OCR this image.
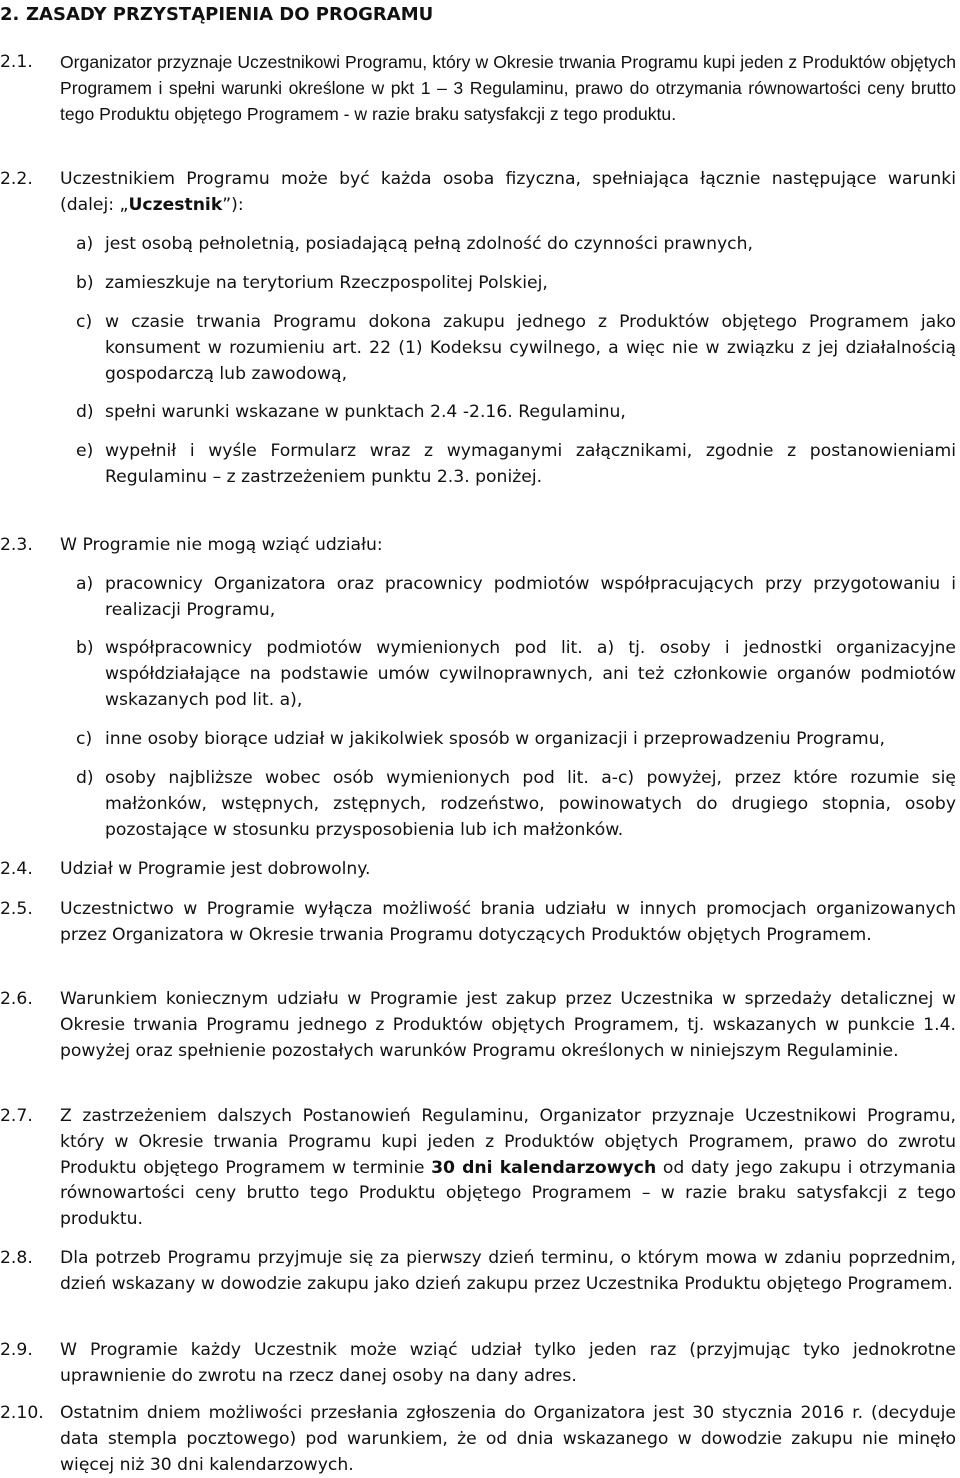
2. ZASADY PRZYSTĄPIENIA DO PROGRAMU
2.1. Organizator przyznaje Uczestnikowi Programu, który w Okresie trwania Programu kupi jeden z Produktów objętych Programem i spełni warunki określone w pkt 1 – 3 Regulaminu, prawo do otrzymania równowartości ceny brutto tego Produktu objętego Programem - w razie braku satysfakcji z tego produktu.
2.2. Uczestnikiem Programu może być każda osoba fizyczna, spełniająca łącznie następujące warunki (dalej: „Uczestnik”):
a) jest osobą pełnoletnią, posiadającą pełną zdolność do czynności prawnych,
b) zamieszkuje na terytorium Rzeczpospolitej Polskiej,
c) w czasie trwania Programu dokona zakupu jednego z Produktów objętego Programem jako konsument w rozumieniu art. 22 (1) Kodeksu cywilnego, a więc nie w związku z jej działalnością gospodarczą lub zawodową,
d) spełni warunki wskazane w punktach 2.4 -2.16. Regulaminu,
e) wypełnił i wyśle Formularz wraz z wymaganymi załącznikami, zgodnie z postanowieniami Regulaminu – z zastrzeżeniem punktu 2.3. poniżej.
2.3. W Programie nie mogą wziąć udziału:
a) pracownicy Organizatora oraz pracownicy podmiotów współpracujących przy przygotowaniu i realizacji Programu,
b) współpracownicy podmiotów wymienionych pod lit. a) tj. osoby i jednostki organizacyjne współdziałające na podstawie umów cywilnoprawnych, ani też członkowie organów podmiotów wskazanych pod lit. a),
c) inne osoby biorące udział w jakikolwiek sposób w organizacji i przeprowadzeniu Programu,
d) osoby najbliższe wobec osób wymienionych pod lit. a-c) powyżej, przez które rozumie się małżonków, wstępnych, zstępnych, rodzeństwo, powinowatych do drugiego stopnia, osoby pozostające w stosunku przysposobienia lub ich małżonków.
2.4. Udział w Programie jest dobrowolny.
2.5. Uczestnictwo w Programie wyłącza możliwość brania udziału w innych promocjach organizowanych przez Organizatora w Okresie trwania Programu dotyczących Produktów objętych Programem.
2.6. Warunkiem koniecznym udziału w Programie jest zakup przez Uczestnika w sprzedaży detalicznej w Okresie trwania Programu jednego z Produktów objętych Programem, tj. wskazanych w punkcie 1.4. powyżej oraz spełnienie pozostałych warunków Programu określonych w niniejszym Regulaminie.
2.7. Z zastrzeżeniem dalszych Postanowień Regulaminu, Organizator przyznaje Uczestnikowi Programu, który w Okresie trwania Programu kupi jeden z Produktów objętych Programem, prawo do zwrotu Produktu objętego Programem w terminie 30 dni kalendarzowych od daty jego zakupu i otrzymania równowartości ceny brutto tego Produktu objętego Programem – w razie braku satysfakcji z tego produktu.
2.8. Dla potrzeb Programu przyjmuje się za pierwszy dzień terminu, o którym mowa w zdaniu poprzednim, dzień wskazany w dowodzie zakupu jako dzień zakupu przez Uczestnika Produktu objętego Programem.
2.9. W Programie każdy Uczestnik może wziąć udział tylko jeden raz (przyjmując tyko jednokrotne uprawnienie do zwrotu na rzecz danej osoby na dany adres.
2.10. Ostatnim dniem możliwości przesłania zgłoszenia do Organizatora jest 30 stycznia 2016 r. (decyduje data stempla pocztowego) pod warunkiem, że od dnia wskazanego w dowodzie zakupu nie minęło więcej niż 30 dni kalendarzowych.
